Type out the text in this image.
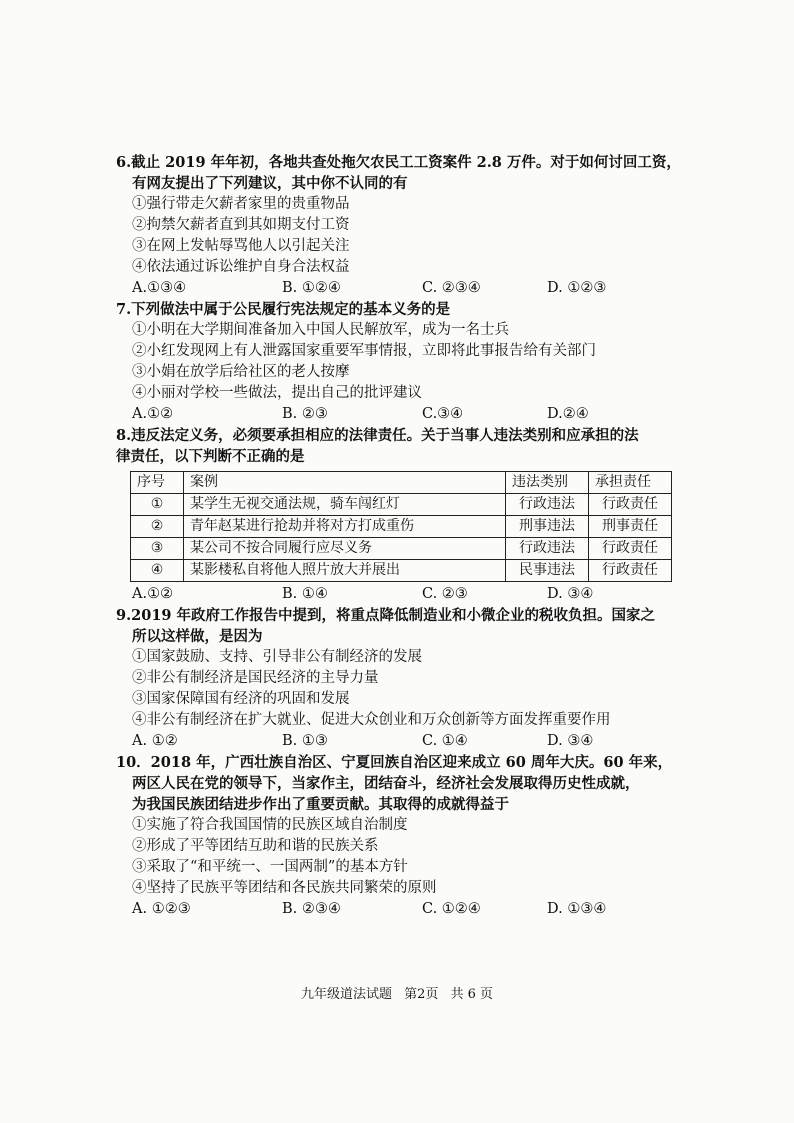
6.截止 2019 年年初，各地共查处拖欠农民工工资案件 2.8 万件。对于如何讨回工资，
有网友提出了下列建议，其中你不认同的有
①强行带走欠薪者家里的贵重物品
②拘禁欠薪者直到其如期支付工资
③在网上发帖辱骂他人以引起关注
④依法通过诉讼维护自身合法权益
A.①③④	B. ①②④	C. ②③④	D. ①②③
7.下列做法中属于公民履行宪法规定的基本义务的是
①小明在大学期间准备加入中国人民解放军，成为一名士兵
②小红发现网上有人泄露国家重要军事情报，立即将此事报告给有关部门
③小娟在放学后给社区的老人按摩
④小丽对学校一些做法，提出自己的批评建议
A.①②	B. ②③	C.③④	D.②④
8.违反法定义务，必须要承担相应的法律责任。关于当事人违法类别和应承担的法
律责任，以下判断不正确的是
序号	案例	违法类别	承担责任
①	某学生无视交通法规，骑车闯红灯	行政违法	行政责任
②	青年赵某进行抢劫并将对方打成重伤	刑事违法	刑事责任
③	某公司不按合同履行应尽义务	行政违法	行政责任
④	某影楼私自将他人照片放大并展出	民事违法	行政责任
A.①②	B. ①④	C. ②③	D. ③④
9.2019 年政府工作报告中提到，将重点降低制造业和小微企业的税收负担。国家之
所以这样做，是因为
①国家鼓励、支持、引导非公有制经济的发展
②非公有制经济是国民经济的主导力量
③国家保障国有经济的巩固和发展
④非公有制经济在扩大就业、促进大众创业和万众创新等方面发挥重要作用
A. ①②	B. ①③	C. ①④	D. ③④
10．2018 年，广西壮族自治区、宁夏回族自治区迎来成立 60 周年大庆。60 年来，
两区人民在党的领导下，当家作主，团结奋斗，经济社会发展取得历史性成就，
为我国民族团结进步作出了重要贡献。其取得的成就得益于
①实施了符合我国国情的民族区域自治制度
②形成了平等团结互助和谐的民族关系
③采取了“和平统一、一国两制”的基本方针
④坚持了民族平等团结和各民族共同繁荣的原则
A. ①②③	B. ②③④	C. ①②④	D. ①③④
九年级道法试题 第2页 共 6 页
